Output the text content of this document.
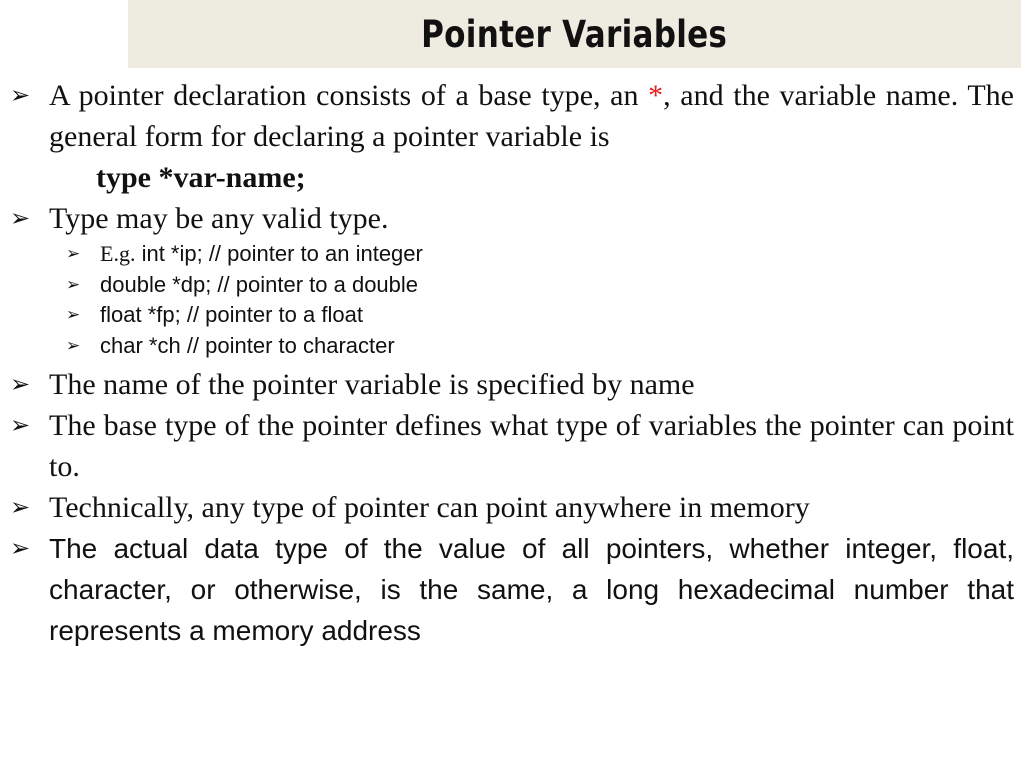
Pointer Variables
➢ A pointer declaration consists of a base type, an *, and the variable name. The general form for declaring a pointer variable is
type *var-name;
➢ Type may be any valid type.
➢ E.g. int *ip; // pointer to an integer
➢ double *dp; // pointer to a double
➢ float *fp; // pointer to a float
➢ char *ch // pointer to character
➢ The name of the pointer variable is specified by name
➢ The base type of the pointer defines what type of variables the pointer can point to.
➢ Technically, any type of pointer can point anywhere in memory
➢ The actual data type of the value of all pointers, whether integer, float, character, or otherwise, is the same, a long hexadecimal number that represents a memory address
